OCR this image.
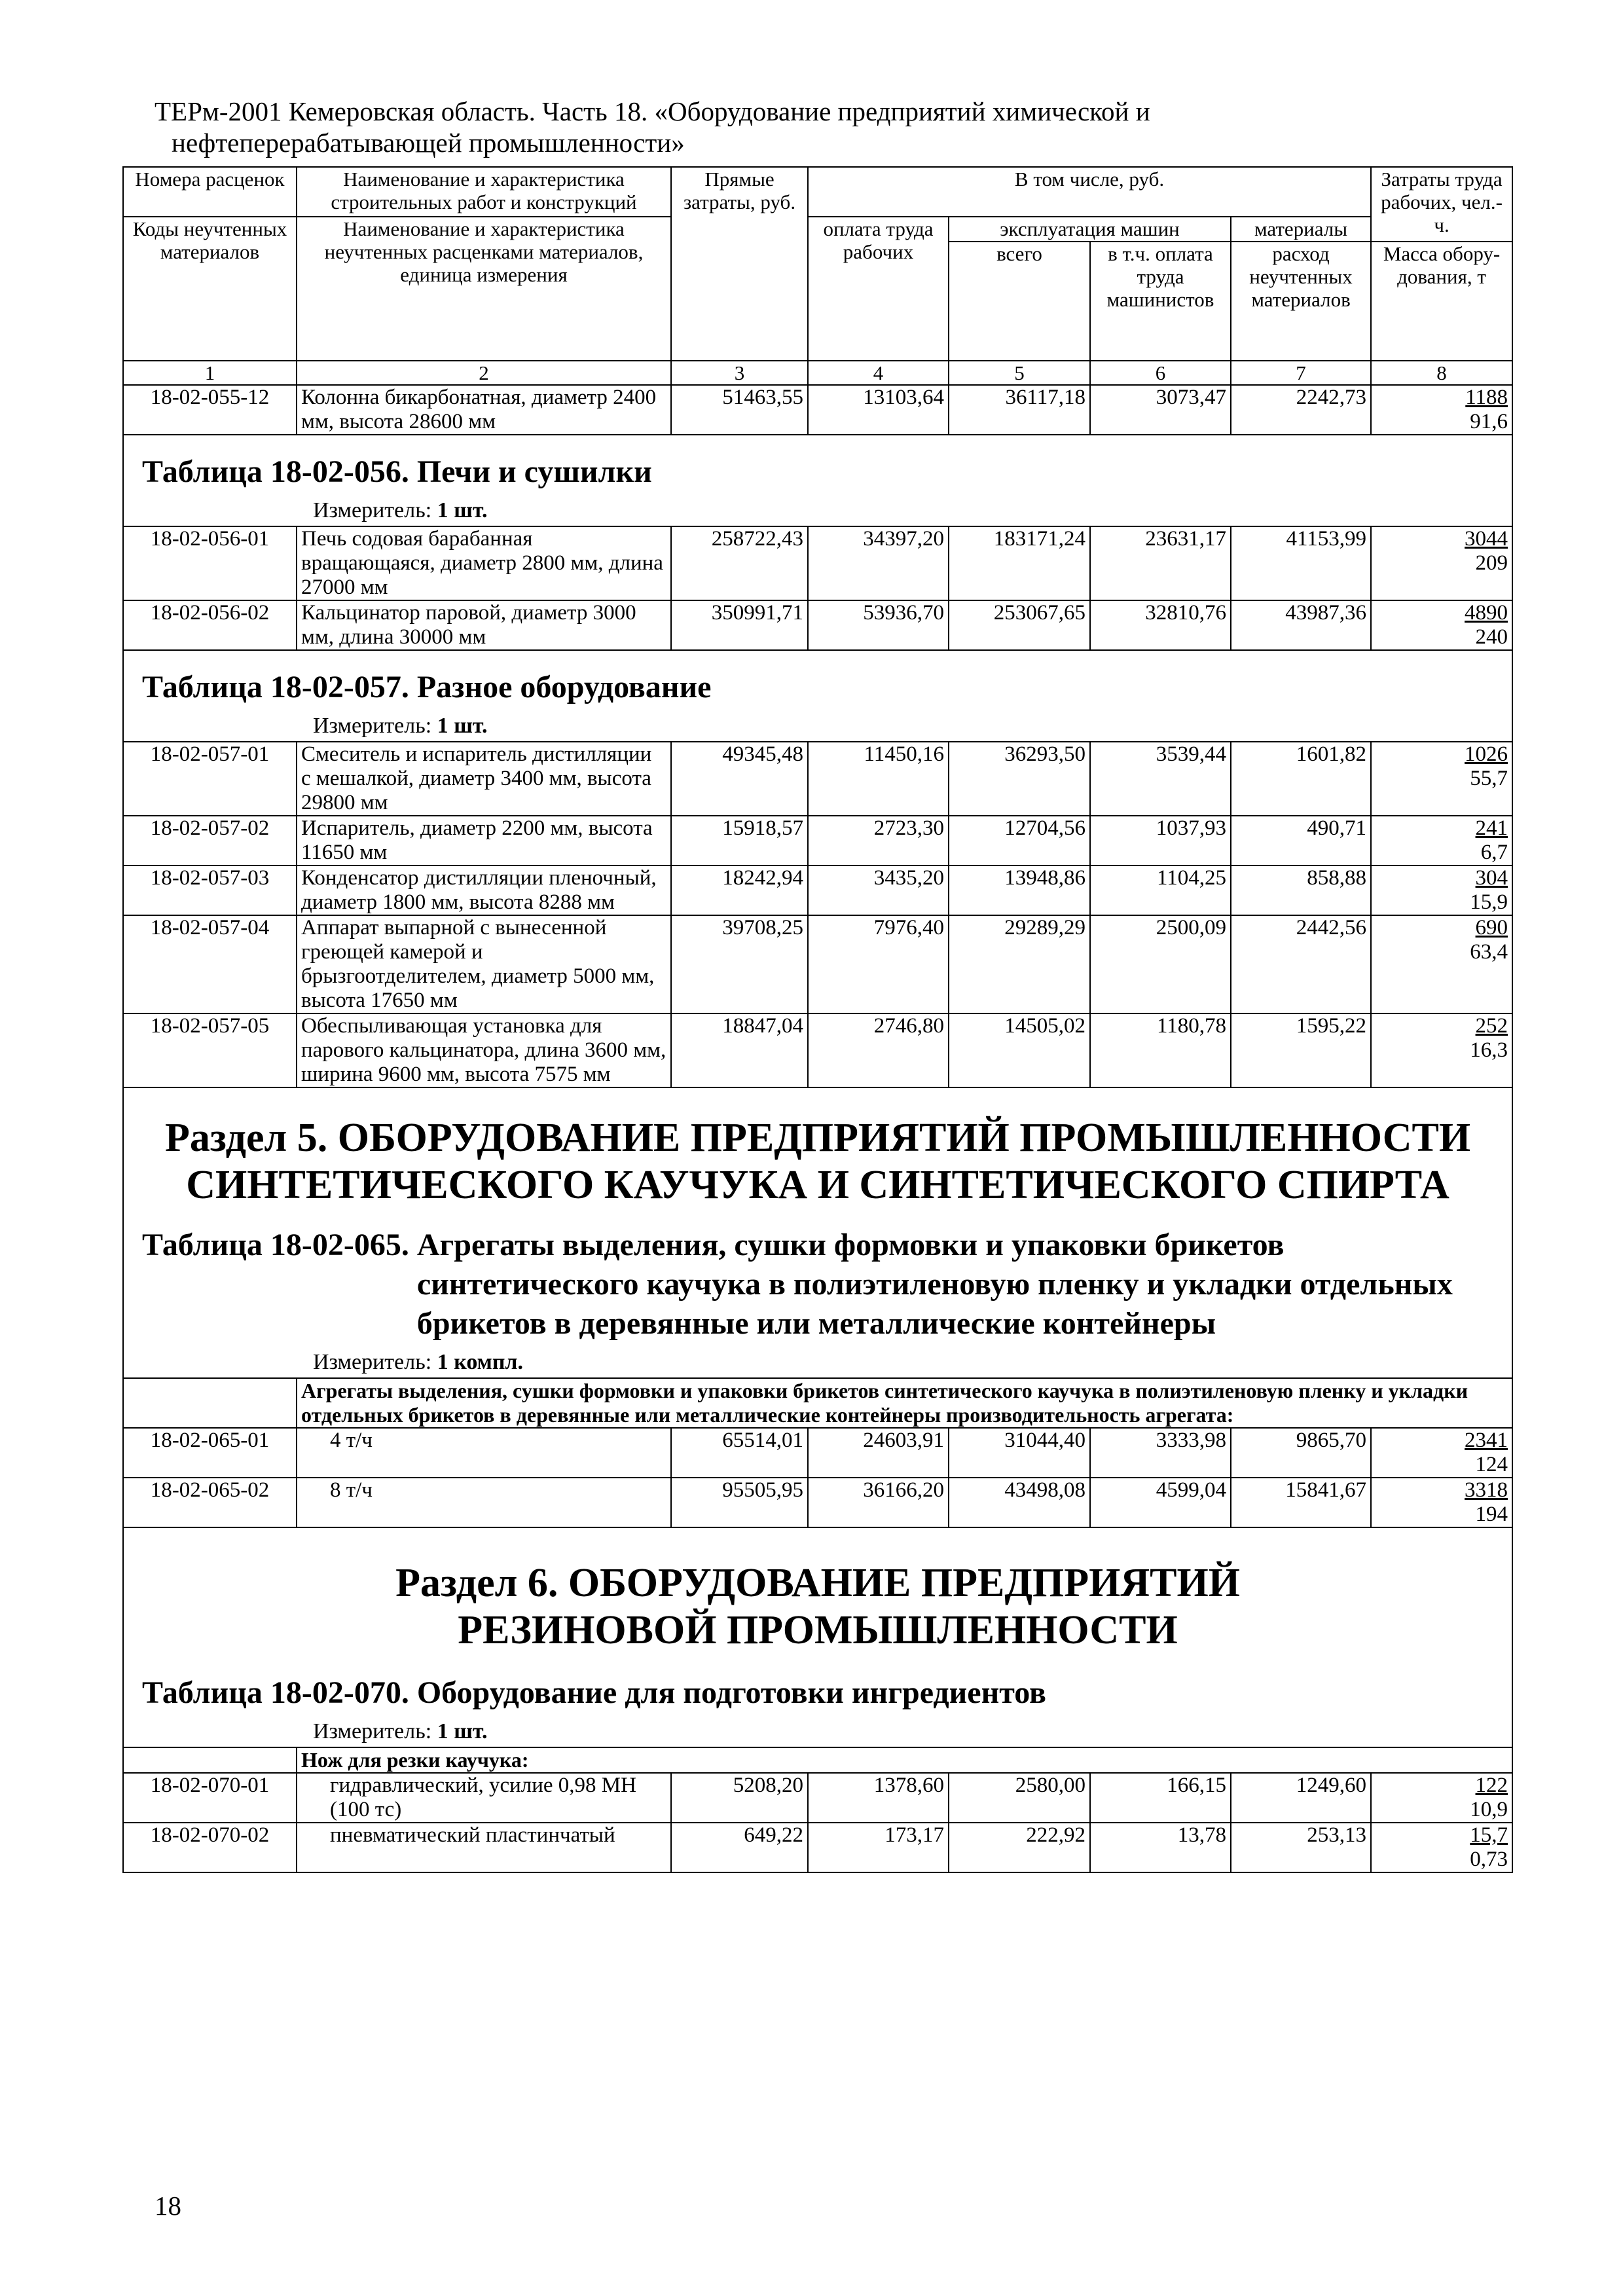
ТЕРм-2001 Кемеровская область. Часть 18. «Оборудование предприятий химической и
нефтеперерабатывающей промышленности»
Номера расценок	Наименование и характеристика строительных работ и конструкций	Прямые затраты, руб.	В том числе, руб.				Затраты труда рабочих, чел.-ч.
Коды неучтенных материалов	Наименование и характеристика неучтенных расценками материалов, единица измерения		оплата труда рабочих	эксплуатация машин		материалы	
				всего	в т.ч. оплата труда машинистов	расход неучтенных материалов	Масса обору-дования, т
1	2	3	4	5	6	7	8
18-02-055-12	Колонна бикарбонатная, диаметр 2400 мм, высота 28600 мм	51463,55	13103,64	36117,18	3073,47	2242,73	1188
91,6

Таблица 18-02-056. Печи и сушилки
Измеритель: 1 шт.							

18-02-056-01	Печь содовая барабанная вращающаяся, диаметр 2800 мм, длина 27000 мм	258722,43	34397,20	183171,24	23631,17	41153,99	3044
209

18-02-056-02	Кальцинатор паровой, диаметр 3000 мм, длина 30000 мм	350991,71	53936,70	253067,65	32810,76	43987,36	4890
240

Таблица 18-02-057. Разное оборудование
Измеритель: 1 шт.							

18-02-057-01	Смеситель и испаритель дистилляции с мешалкой, диаметр 3400 мм, высота 29800 мм	49345,48	11450,16	36293,50	3539,44	1601,82	1026
55,7

18-02-057-02	Испаритель, диаметр 2200 мм, высота 11650 мм	15918,57	2723,30	12704,56	1037,93	490,71	241
6,7

18-02-057-03	Конденсатор дистилляции пленочный, диаметр 1800 мм, высота 8288 мм	18242,94	3435,20	13948,86	1104,25	858,88	304
15,9

18-02-057-04	Аппарат выпарной с вынесенной греющей камерой и брызгоотделителем, диаметр 5000 мм, высота 17650 мм	39708,25	7976,40	29289,29	2500,09	2442,56	690
63,4

18-02-057-05	Обеспыливающая установка для парового кальцинатора, длина 3600 мм, ширина 9600 мм, высота 7575 мм	18847,04	2746,80	14505,02	1180,78	1595,22	252
16,3

Раздел 5. ОБОРУДОВАНИЕ ПРЕДПРИЯТИЙ ПРОМЫШЛЕННОСТИ СИНТЕТИЧЕСКОГО КАУЧУКА И СИНТЕТИЧЕСКОГО СПИРТА
Таблица 18-02-065.
Агрегаты выделения, сушки формовки и упаковки брикетов синтетического каучука в полиэтиленовую пленку и укладки отдельных брикетов в деревянные или металлические контейнеры
Измеритель: 1 компл.							

	Агрегаты выделения, сушки формовки и упаковки брикетов синтетического каучука в полиэтиленовую пленку и укладки отдельных брикетов в деревянные или металлические контейнеры производительность агрегата:						
18-02-065-01	4 т/ч	65514,01	24603,91	31044,40	3333,98	9865,70	2341
124

18-02-065-02	8 т/ч	95505,95	36166,20	43498,08	4599,04	15841,67	3318
194

Раздел 6. ОБОРУДОВАНИЕ ПРЕДПРИЯТИЙ РЕЗИНОВОЙ ПРОМЫШЛЕННОСТИ
Таблица 18-02-070. Оборудование для подготовки ингредиентов
Измеритель: 1 шт.							

	Нож для резки каучука:						
18-02-070-01	гидравлический, усилие 0,98 МН (100 тс)	5208,20	1378,60	2580,00	166,15	1249,60	122
10,9

18-02-070-02	пневматический пластинчатый	649,22	173,17	222,92	13,78	253,13	15,7
0,73
18
